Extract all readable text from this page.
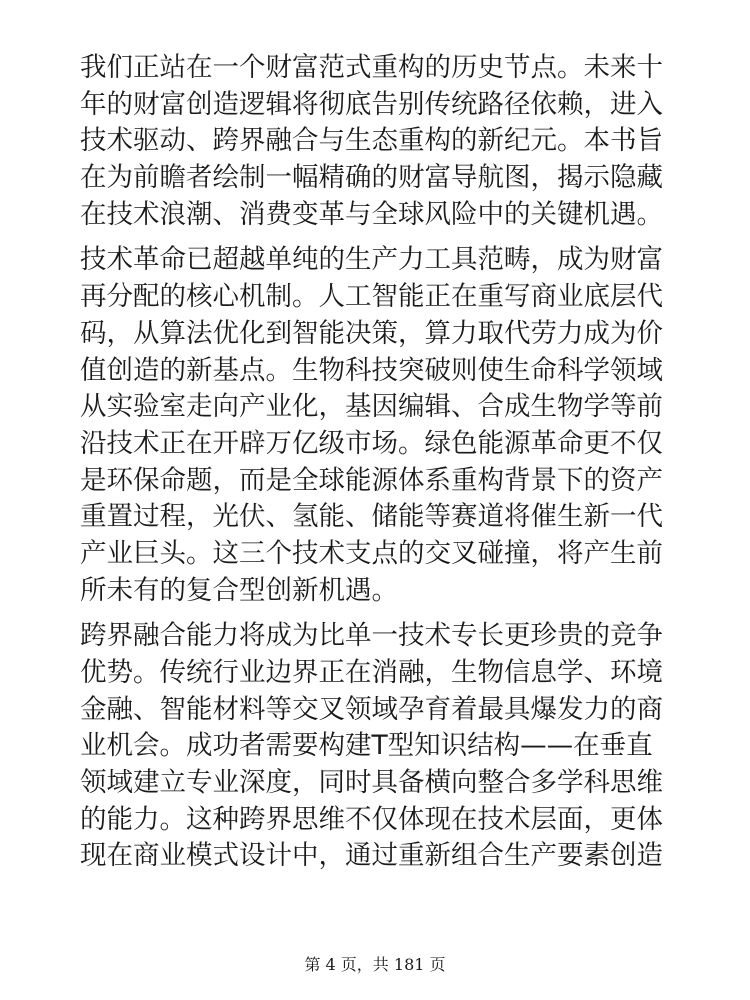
我们正站在一个财富范式重构的历史节点。未来十
年的财富创造逻辑将彻底告别传统路径依赖，进入
技术驱动、跨界融合与生态重构的新纪元。本书旨
在为前瞻者绘制一幅精确的财富导航图，揭示隐藏
在技术浪潮、消费变革与全球风险中的关键机遇。

技术革命已超越单纯的生产力工具范畴，成为财富
再分配的核心机制。人工智能正在重写商业底层代
码，从算法优化到智能决策，算力取代劳力成为价
值创造的新基点。生物科技突破则使生命科学领域
从实验室走向产业化，基因编辑、合成生物学等前
沿技术正在开辟万亿级市场。绿色能源革命更不仅
是环保命题，而是全球能源体系重构背景下的资产
重置过程，光伏、氢能、储能等赛道将催生新一代
产业巨头。这三个技术支点的交叉碰撞，将产生前
所未有的复合型创新机遇。

跨界融合能力将成为比单一技术专长更珍贵的竞争
优势。传统行业边界正在消融，生物信息学、环境
金融、智能材料等交叉领域孕育着最具爆发力的商
业机会。成功者需要构建T型知识结构——在垂直
领域建立专业深度，同时具备横向整合多学科思维
的能力。这种跨界思维不仅体现在技术层面，更体
现在商业模式设计中，通过重新组合生产要素创造

第 4 页，共 181 页
